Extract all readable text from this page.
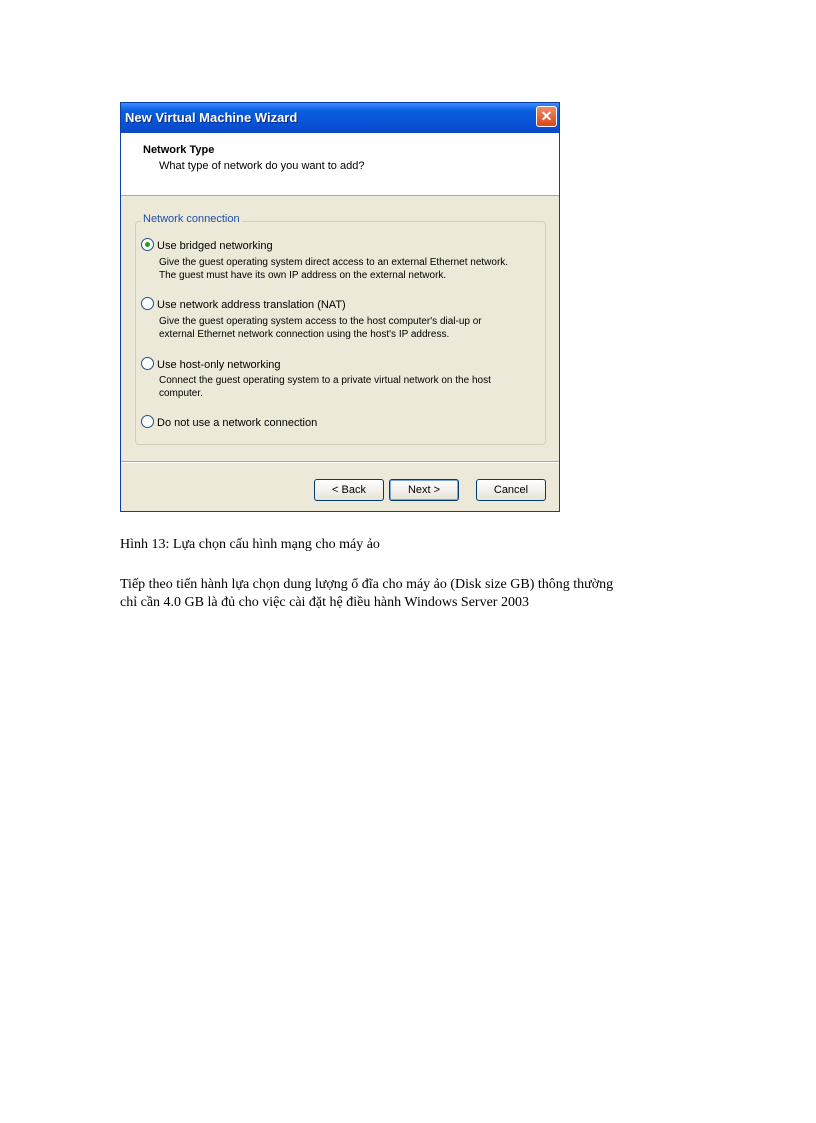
New Virtual Machine Wizard	✕
Network Type
What type of network do you want to add?
Network connection
Use bridged networking
Give the guest operating system direct access to an external Ethernet network.
The guest must have its own IP address on the external network.
Use network address translation (NAT)
Give the guest operating system access to the host computer's dial-up or
external Ethernet network connection using the host's IP address.
Use host-only networking
Connect the guest operating system to a private virtual network on the host
computer.
Do not use a network connection
< Back	Next >	Cancel
Hình 13: Lựa chọn cấu hình mạng cho máy ảo

Tiếp theo tiến hành lựa chọn dung lượng ổ đĩa cho máy ảo (Disk size GB) thông thường

chỉ cần 4.0 GB là đủ cho việc cài đặt hệ điều hành Windows Server 2003
